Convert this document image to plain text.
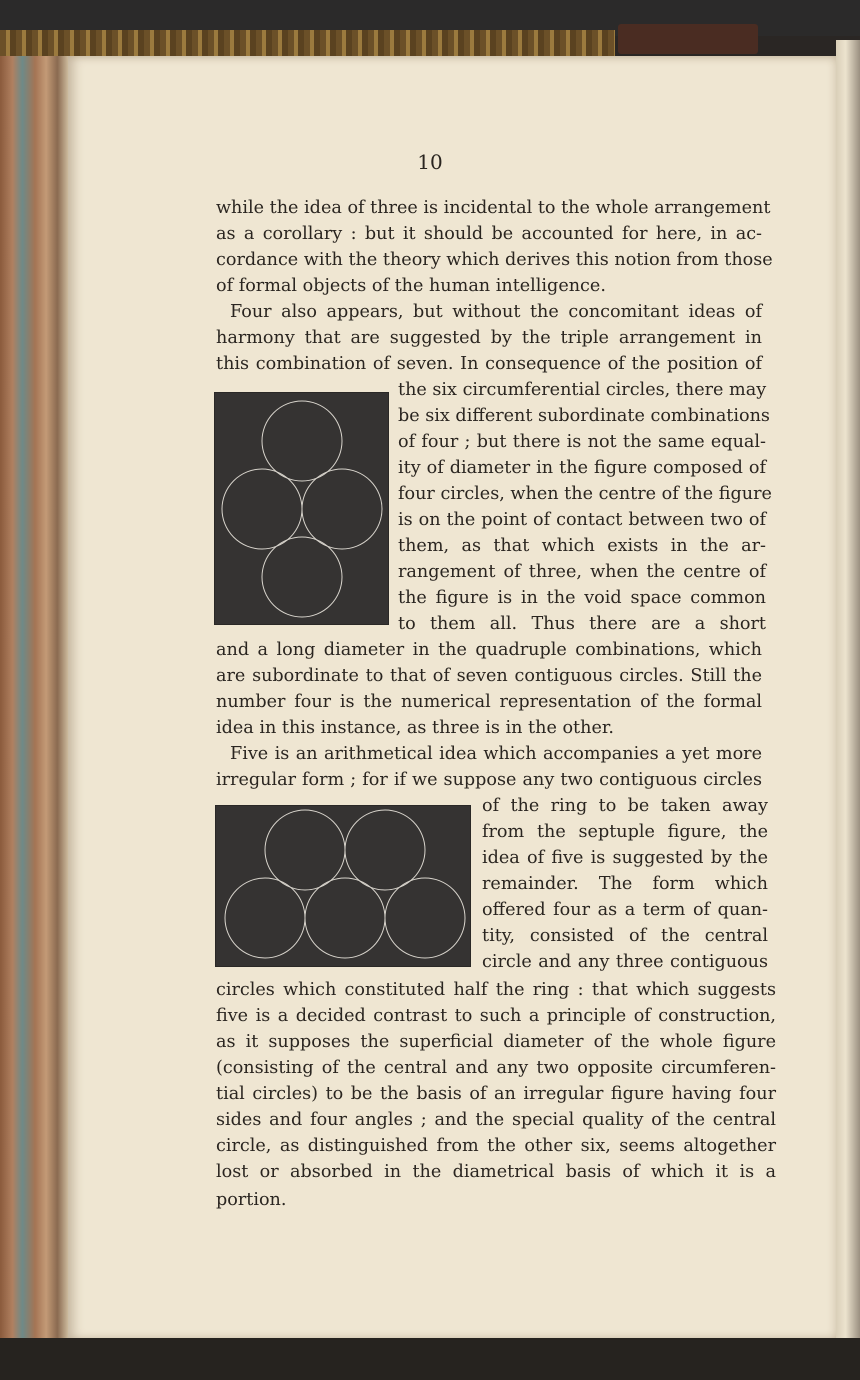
10
while the idea of three is incidental to the whole arrangement
as a corollary : but it should be accounted for here, in ac-
cordance with the theory which derives this notion from those
of formal objects of the human intelligence.
Four also appears, but without the concomitant ideas of
harmony that are suggested by the triple arrangement in
this combination of seven. In consequence of the position of
the six circumferential circles, there may
be six different subordinate combinations
of four ; but there is not the same equal-
ity of diameter in the figure composed of
four circles, when the centre of the figure
is on the point of contact between two of
them, as that which exists in the ar-
rangement of three, when the centre of
the figure is in the void space common
to them all. Thus there are a short
and a long diameter in the quadruple combinations, which
are subordinate to that of seven contiguous circles. Still the
number four is the numerical representation of the formal
idea in this instance, as three is in the other.
Five is an arithmetical idea which accompanies a yet more
irregular form ; for if we suppose any two contiguous circles
of the ring to be taken away
from the septuple figure, the
idea of five is suggested by the
remainder. The form which
offered four as a term of quan-
tity, consisted of the central
circle and any three contiguous
circles which constituted half the ring : that which suggests
five is a decided contrast to such a principle of construction,
as it supposes the superficial diameter of the whole figure
(consisting of the central and any two opposite circumferen-
tial circles) to be the basis of an irregular figure having four
sides and four angles ; and the special quality of the central
circle, as distinguished from the other six, seems altogether
lost or absorbed in the diametrical basis of which it is a
portion.
